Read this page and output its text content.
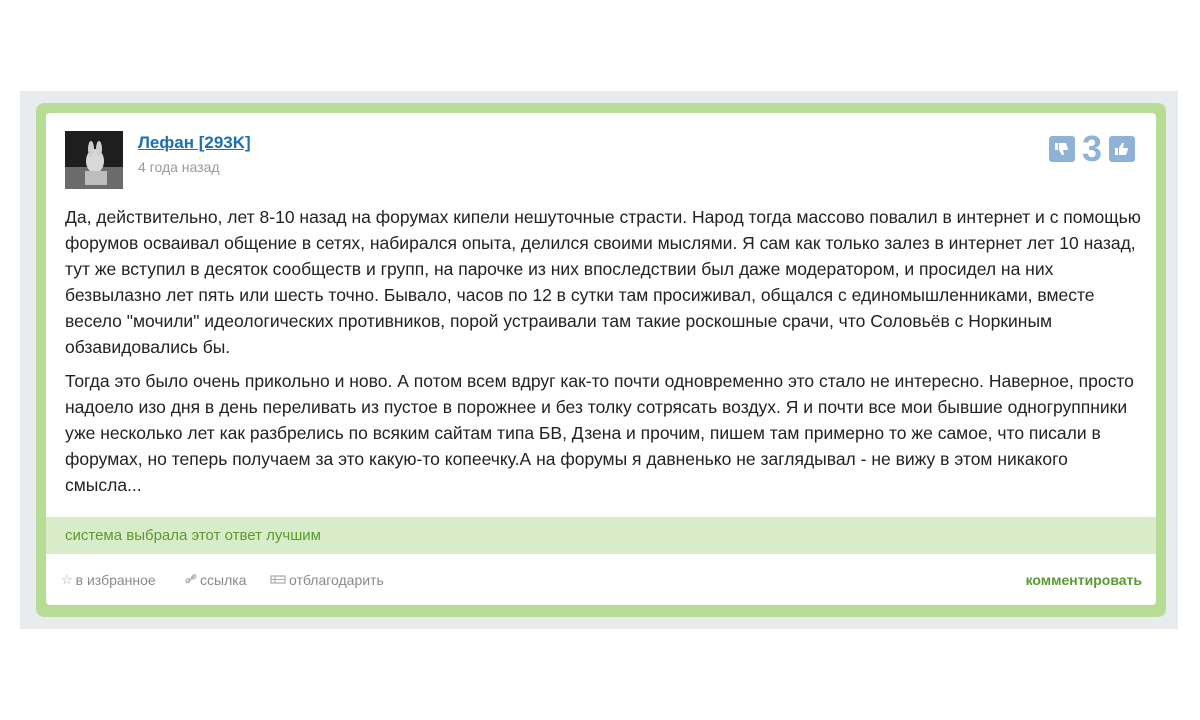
Лефан [293K]
4 года назад	3

Да, действительно, лет 8-10 назад на форумах кипели нешуточные страсти. Народ тогда массово повалил в интернет и с помощью форумов осваивал общение в сетях, набирался опыта, делился своими мыслями. Я сам как только залез в интернет лет 10 назад, тут же вступил в десяток сообществ и групп, на парочке из них впоследствии был даже модератором, и просидел на них безвылазно лет пять или шесть точно. Бывало, часов по 12 в сутки там просиживал, общался с единомышленниками, вместе весело "мочили" идеологических противников, порой устраивали там такие роскошные срачи, что Соловьёв с Норкиным обзавидовались бы.

Тогда это было очень прикольно и ново. А потом всем вдруг как-то почти одновременно это стало не интересно. Наверное, просто надоело изо дня в день переливать из пустое в порожнее и без толку сотрясать воздух. Я и почти все мои бывшие одногруппники уже несколько лет как разбрелись по всяким сайтам типа БВ, Дзена и прочим, пишем там примерно то же самое, что писали в форумах, но теперь получаем за это какую-то копеечку.А на форумы я давненько не заглядывал - не вижу в этом никакого смысла...

система выбрала этот ответ лучшим
☆ в избранное	ссылка	отблагодарить	комментировать
